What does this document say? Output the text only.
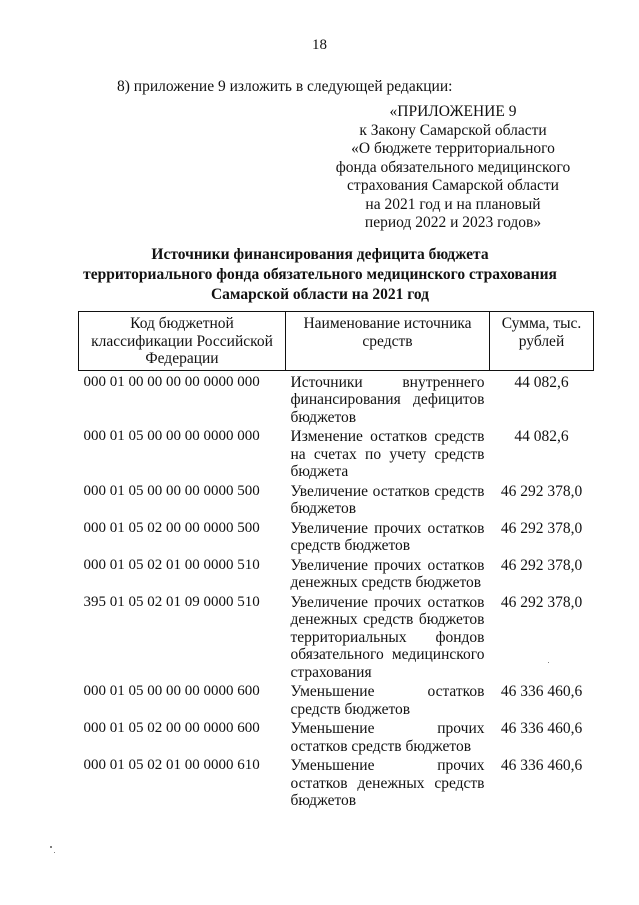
18
8) приложение 9 изложить в следующей редакции:
«ПРИЛОЖЕНИЕ 9
к Закону Самарской области
«О бюджете территориального
фонда обязательного медицинского
страхования Самарской области
на 2021 год и на плановый
период 2022 и 2023 годов»
Источники финансирования дефицита бюджета
территориального фонда обязательного медицинского страхования
Самарской области на 2021 год
Код бюджетной классификации Российской Федерации	Наименование источника средств	Сумма, тыс. рублей
000 01 00 00 00 00 0000 000	Источники внутреннего финансирования дефицитов бюджетов	44 082,6
000 01 05 00 00 00 0000 000	Изменение остатков средств на счетах по учету средств бюджета	44 082,6
000 01 05 00 00 00 0000 500	Увеличение остатков средств бюджетов	46 292 378,0
000 01 05 02 00 00 0000 500	Увеличение прочих остатков средств бюджетов	46 292 378,0
000 01 05 02 01 00 0000 510	Увеличение прочих остатков денежных средств бюджетов	46 292 378,0
395 01 05 02 01 09 0000 510	Увеличение прочих остатков денежных средств бюджетов территориальных фондов обязательного медицинского страхования	46 292 378,0
000 01 05 00 00 00 0000 600	Уменьшение остатков средств бюджетов	46 336 460,6
000 01 05 02 00 00 0000 600	Уменьшение прочих остатков средств бюджетов	46 336 460,6
000 01 05 02 01 00 0000 610	Уменьшение прочих остатков денежных средств бюджетов	46 336 460,6
